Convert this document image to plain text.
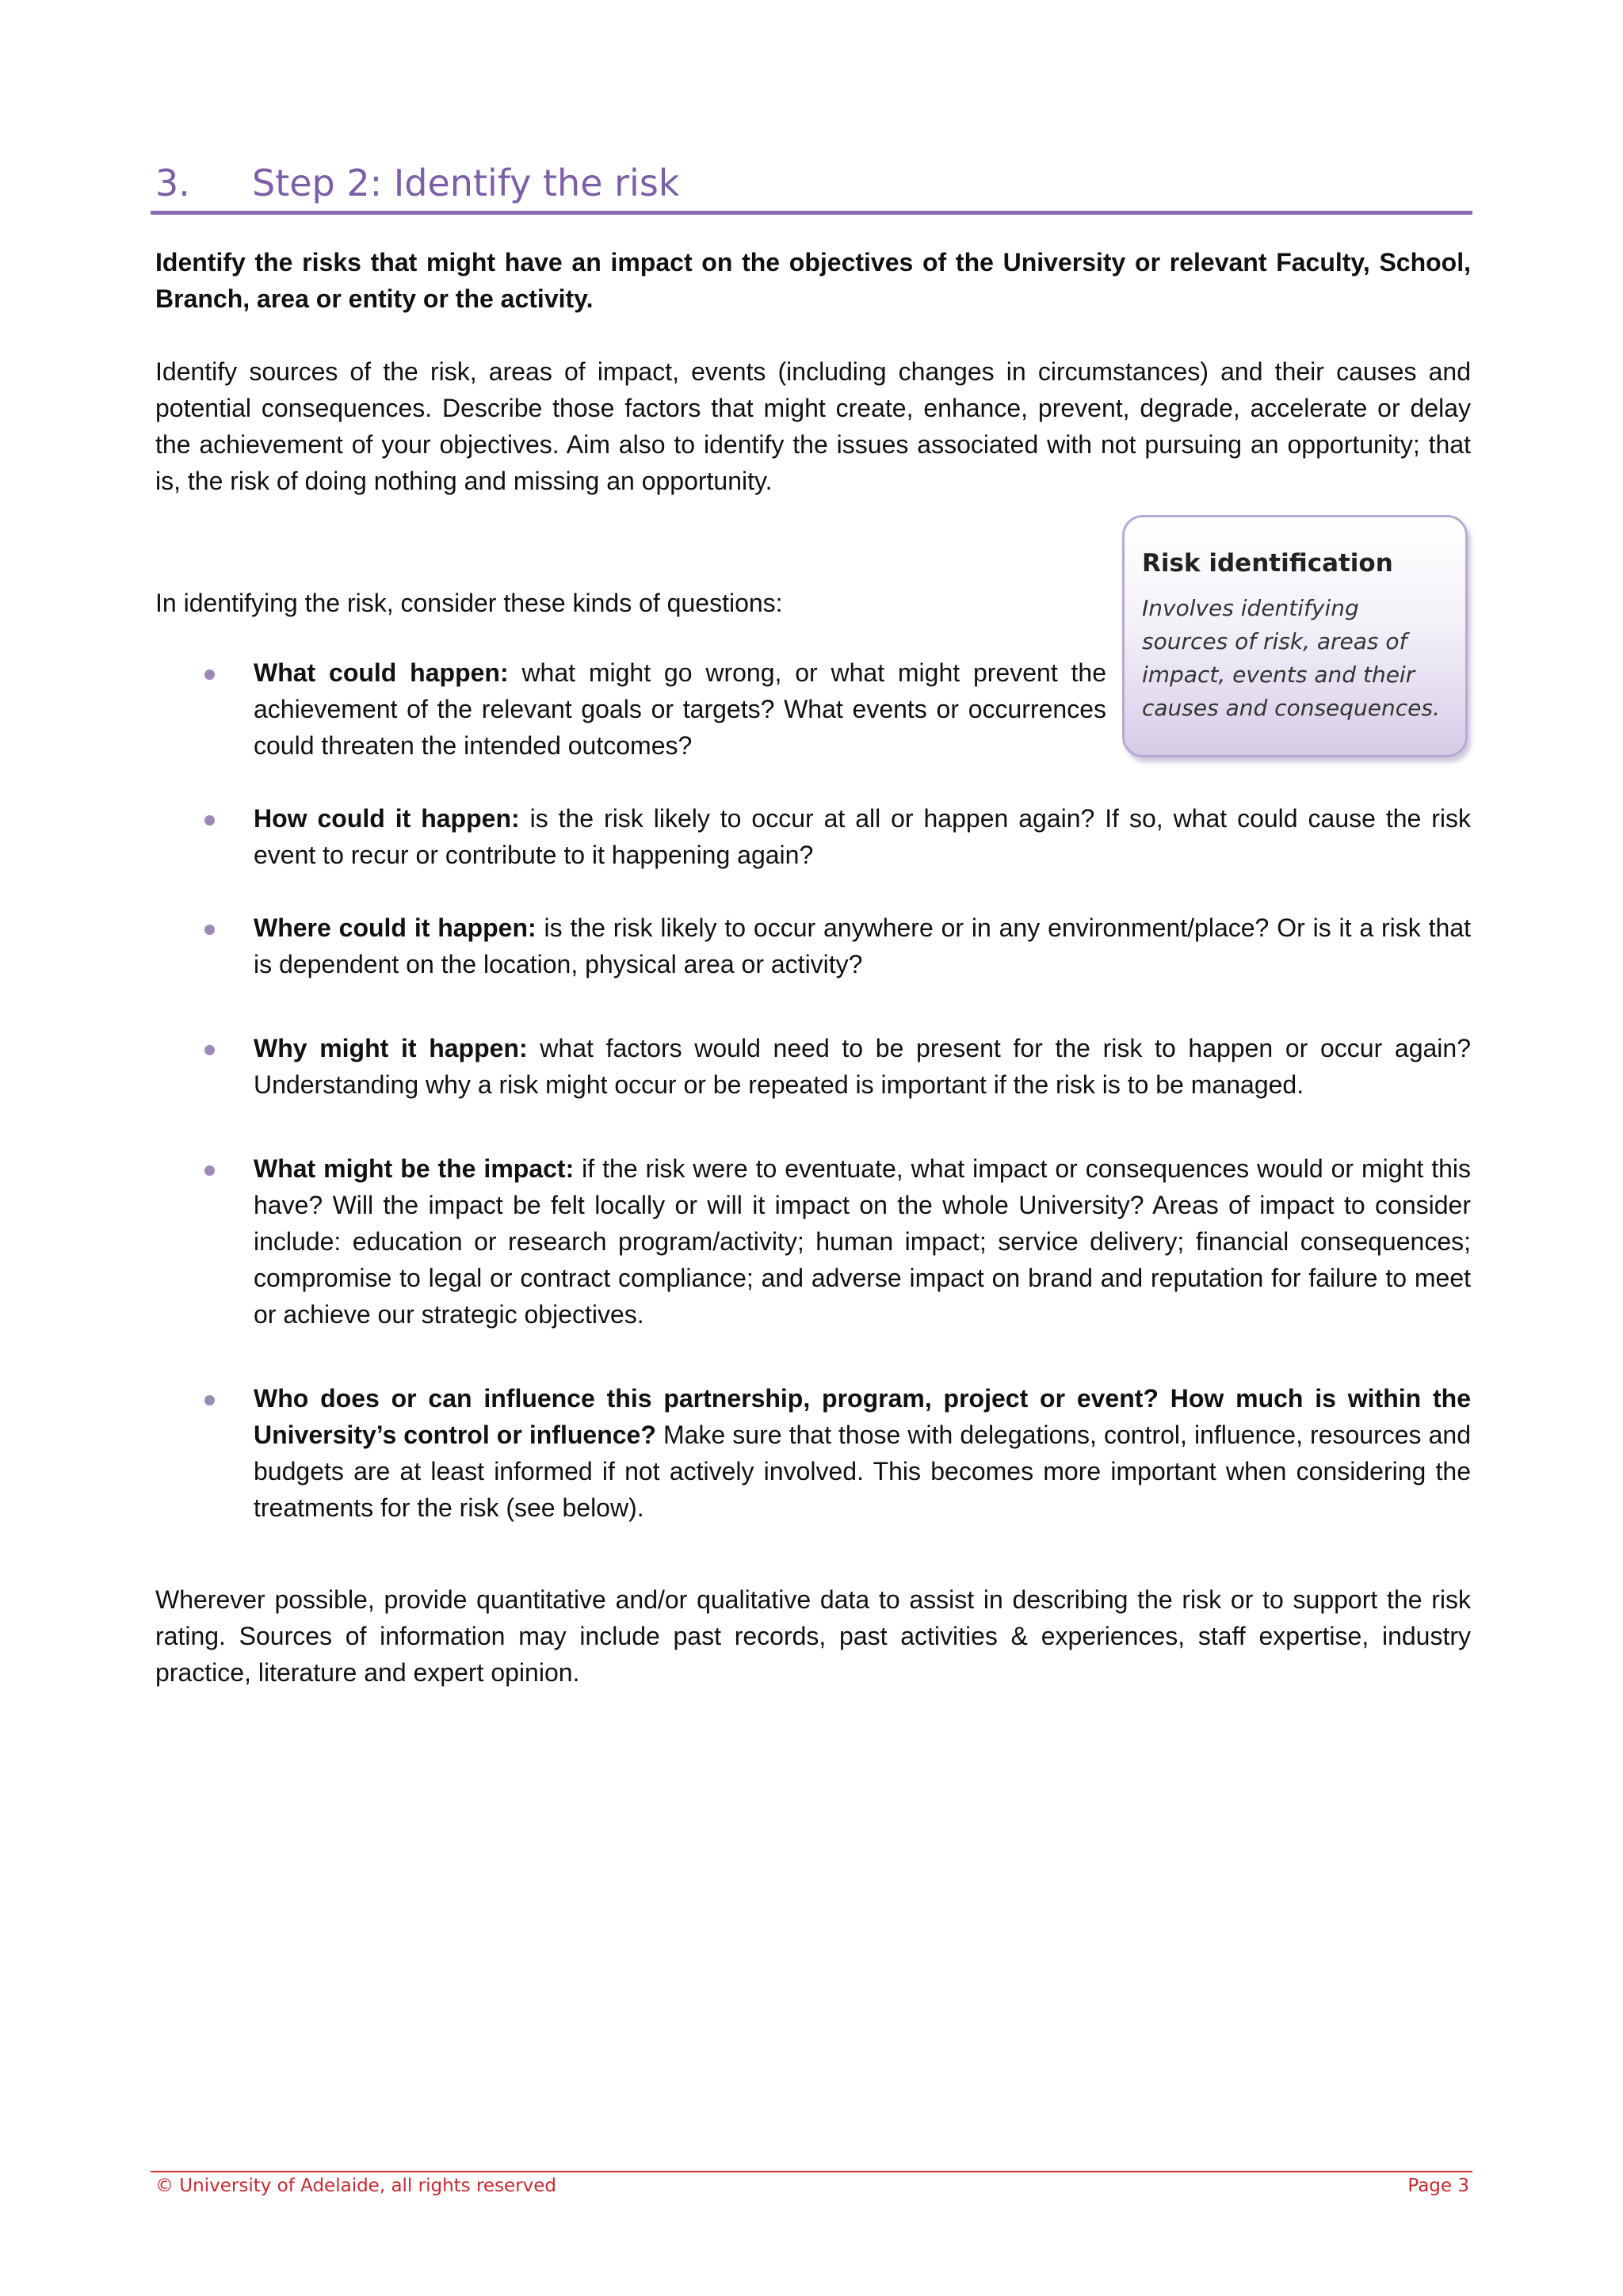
3. Step 2: Identify the risk

Identify the risks that might have an impact on the objectives of the University or relevant Faculty, School, Branch, area or entity or the activity.

Identify sources of the risk, areas of impact, events (including changes in circumstances) and their causes and potential consequences. Describe those factors that might create, enhance, prevent, degrade, accelerate or delay the achievement of your objectives. Aim also to identify the issues associated with not pursuing an opportunity; that is, the risk of doing nothing and missing an opportunity.

Risk identification

Involves identifying sources of risk, areas of impact, events and their causes and consequences.

In identifying the risk, consider these kinds of questions:

What could happen: what might go wrong, or what might prevent the achievement of the relevant goals or targets? What events or occurrences could threaten the intended outcomes?
How could it happen: is the risk likely to occur at all or happen again? If so, what could cause the risk event to recur or contribute to it happening again?
Where could it happen: is the risk likely to occur anywhere or in any environment/place? Or is it a risk that is dependent on the location, physical area or activity?
Why might it happen: what factors would need to be present for the risk to happen or occur again? Understanding why a risk might occur or be repeated is important if the risk is to be managed.
What might be the impact: if the risk were to eventuate, what impact or consequences would or might this have? Will the impact be felt locally or will it impact on the whole University? Areas of impact to consider include: education or research program/activity; human impact; service delivery; financial consequences; compromise to legal or contract compliance; and adverse impact on brand and reputation for failure to meet or achieve our strategic objectives.
Who does or can influence this partnership, program, project or event? How much is within the University’s control or influence? Make sure that those with delegations, control, influence, resources and budgets are at least informed if not actively involved. This becomes more important when considering the treatments for the risk (see below).

Wherever possible, provide quantitative and/or qualitative data to assist in describing the risk or to support the risk rating. Sources of information may include past records, past activities & experiences, staff expertise, industry practice, literature and expert opinion.

© University of Adelaide, all rights reserved	Page 3
